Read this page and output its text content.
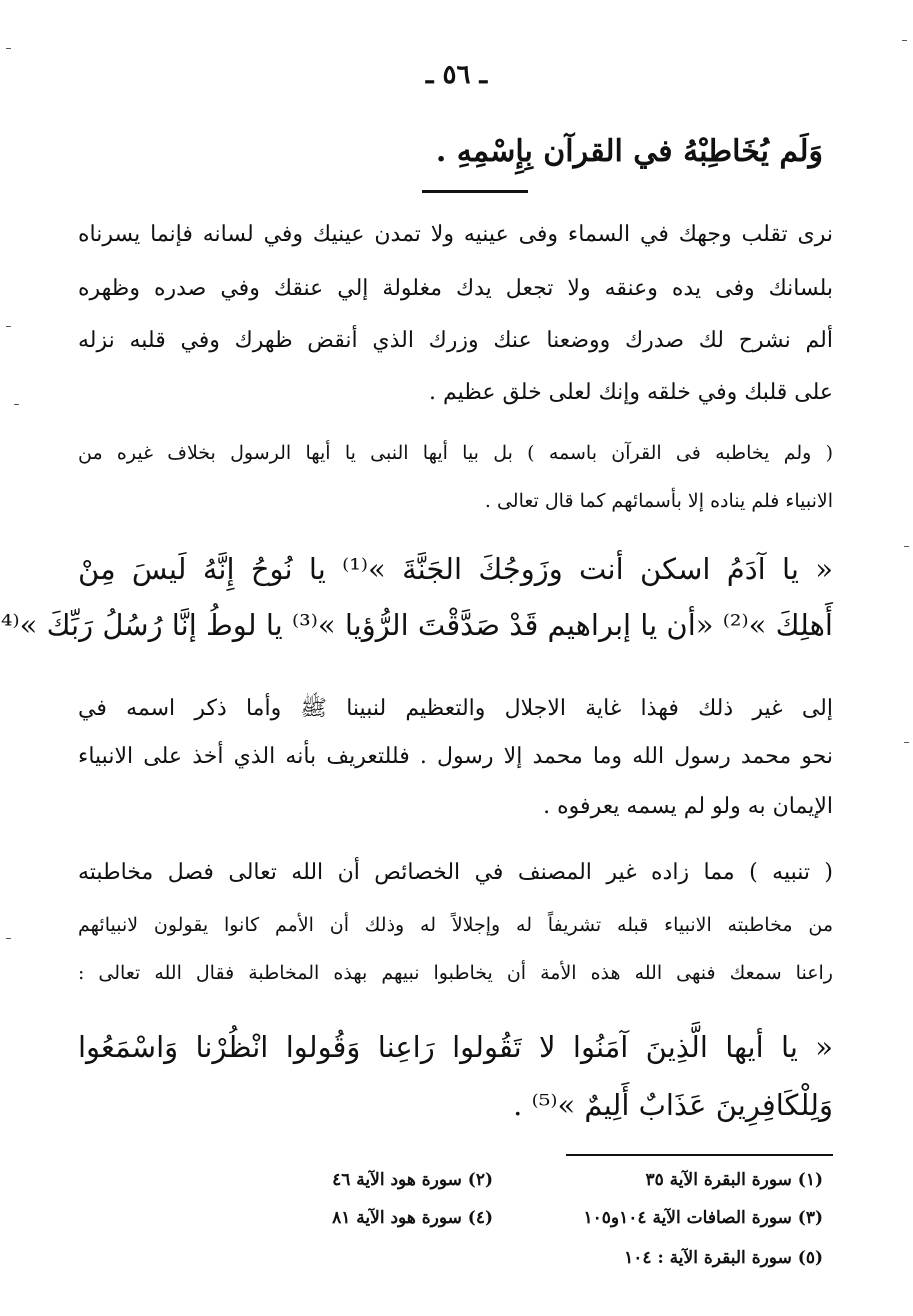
ـ ٥٦ ـ
وَلَم يُخَاطِبْهُ في القرآن بِإِسْمِهِ .
نرى تقلب وجهك في السماء وفى عينيه ولا تمدن عينيك وفي لسانه فإنما يسرناه
بلسانك وفى يده وعنقه ولا تجعل يدك مغلولة إلي عنقك وفي صدره وظهره
ألم نشرح لك صدرك ووضعنا عنك وزرك الذي أنقض ظهرك وفي قلبه نزله
على قلبك وفي خلقه وإنك لعلى خلق عظيم .
( ولم يخاطبه فى القرآن باسمه ) بل بيا أيها النبى يا أيها الرسول بخلاف غيره من
الانبياء فلم يناده إلا بأسمائهم كما قال تعالى .
« يا آدَمُ اسكن أنت وزَوجُكَ الجَنَّةَ »⁽¹⁾ يا نُوحُ إِنَّهُ لَيسَ مِنْ
أَهلِكَ »⁽²⁾ «أن يا إبراهيم قَدْ صَدَّقْتَ الرُّؤيا »⁽³⁾ يا لوطُ إنَّا رُسُلُ رَبِّكَ »⁽⁴
إلى غير ذلك فهذا غاية الاجلال والتعظيم لنبينا ﷺ وأما ذكر اسمه في
نحو محمد رسول الله وما محمد إلا رسول . فللتعريف بأنه الذي أخذ على الانبياء
الإيمان به ولو لم يسمه يعرفوه .
( تنبيه ) مما زاده غير المصنف في الخصائص أن الله تعالى فصل مخاطبته
من مخاطبته الانبياء قبله تشريفاً له وإجلالاً له وذلك أن الأمم كانوا يقولون لانبيائهم
راعنا سمعك فنهى الله هذه الأمة أن يخاطبوا نبيهم بهذه المخاطبة فقال الله تعالى :
« يا أيها الَّذِينَ آمَنُوا لا تَقُولوا رَاعِنا وَقُولوا انْظُرْنا وَاسْمَعُوا
وَلِلْكَافِرِينَ عَذَابٌ أَلِيمٌ »⁽⁵⁾ .
(١) سورة البقرة الآية ٣٥
(٢) سورة هود الآية ٤٦
(٣) سورة الصافات الآية ١٠٤و١٠٥
(٤) سورة هود الآية ٨١
(٥) سورة البقرة الآية : ١٠٤
